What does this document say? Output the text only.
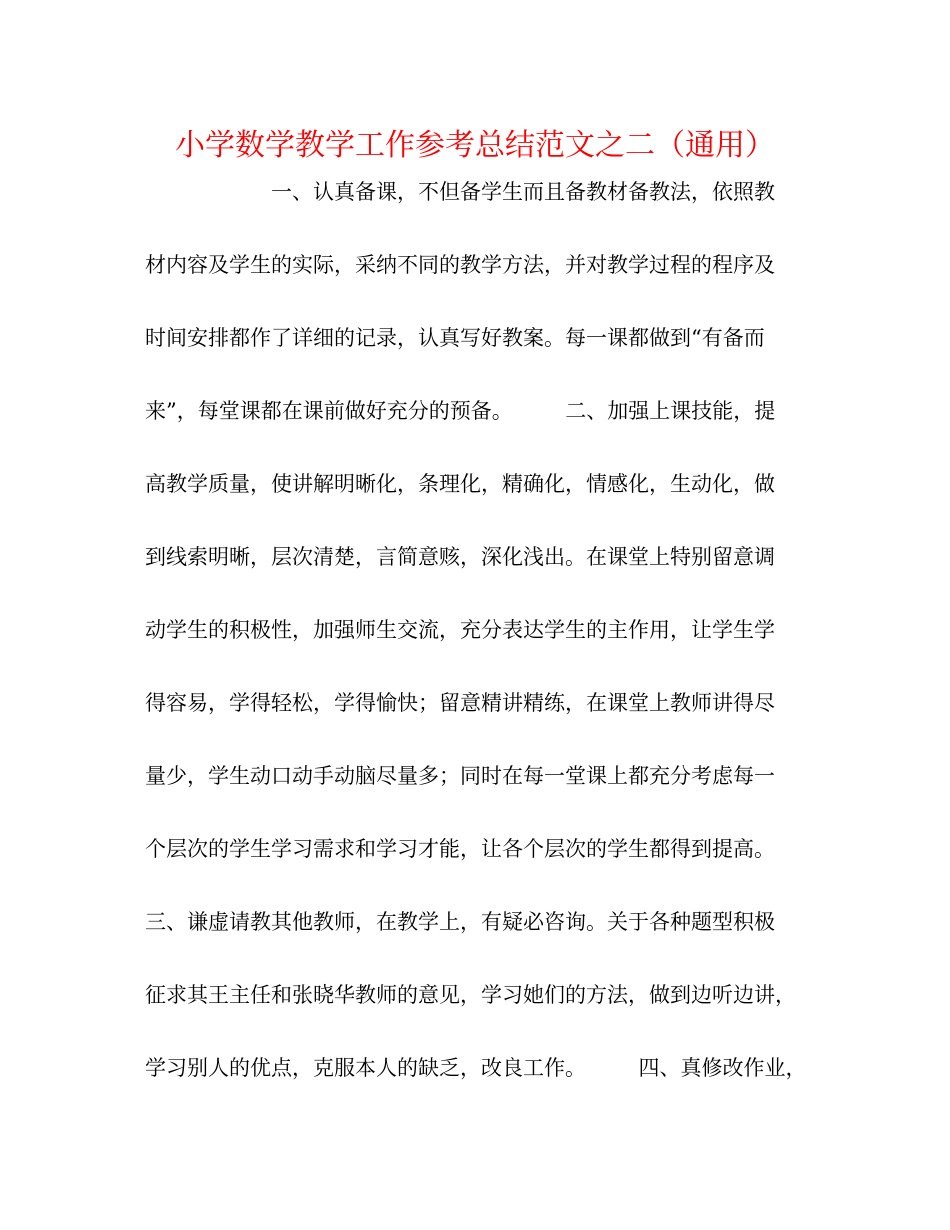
小学数学教学工作参考总结范文之二（通用）
　　　　　　一、认真备课，不但备学生而且备教材备教法，依照教
材内容及学生的实际，采纳不同的教学方法，并对教学过程的程序及
时间安排都作了详细的记录，认真写好教案。每一课都做到“有备而
来”，每堂课都在课前做好充分的预备。　　　二、加强上课技能，提
高教学质量，使讲解明晰化，条理化，精确化，情感化，生动化，做
到线索明晰，层次清楚，言简意赅，深化浅出。在课堂上特别留意调
动学生的积极性，加强师生交流，充分表达学生的主作用，让学生学
得容易，学得轻松，学得愉快；留意精讲精练，在课堂上教师讲得尽
量少，学生动口动手动脑尽量多；同时在每一堂课上都充分考虑每一
个层次的学生学习需求和学习才能，让各个层次的学生都得到提高。
三、谦虚请教其他教师，在教学上，有疑必咨询。关于各种题型积极
征求其王主任和张晓华教师的意见，学习她们的方法，做到边听边讲，
学习别人的优点，克服本人的缺乏，改良工作。　　　四、真修改作业，
